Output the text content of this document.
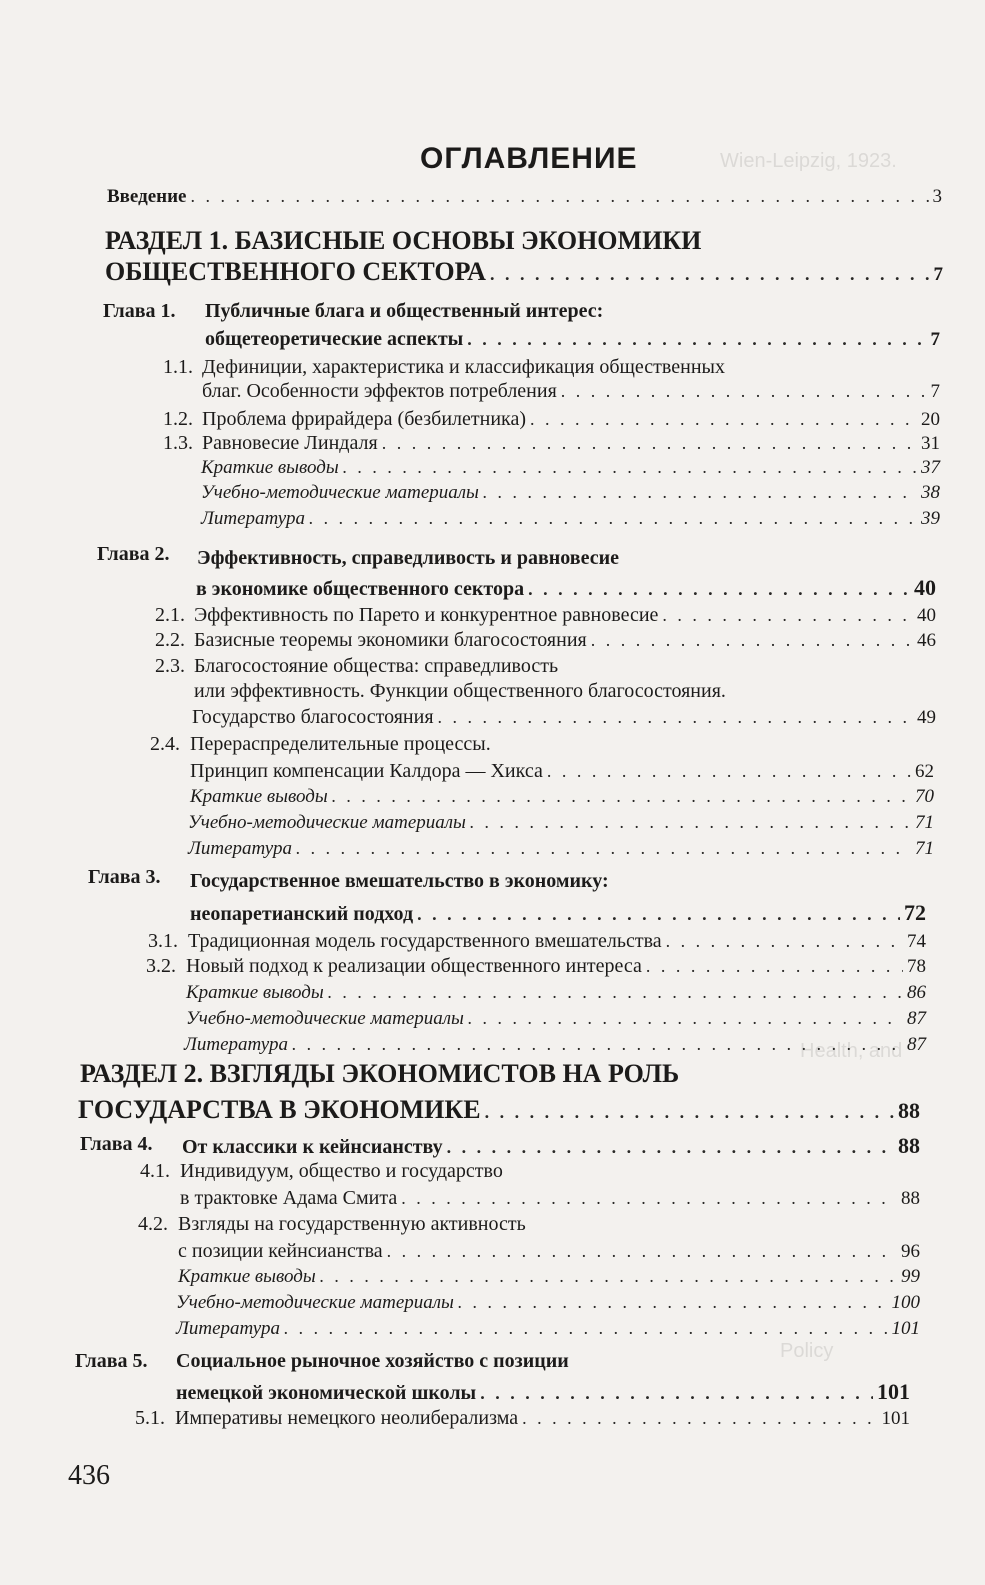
Wien-Leipzig, 1923.
Health, and
Policy
ОГЛАВЛЕНИЕ
Введение . . .	3
РАЗДЕЛ 1. БАЗИСНЫЕ ОСНОВЫ ЭКОНОМИКИ
ОБЩЕСТВЕННОГО СЕКТОРА . . .	7
Глава 1. Публичные блага и общественный интерес:
общетеоретические аспекты . . .	7
1.1. Дефиниции, характеристика и классификация общественных
благ. Особенности эффектов потребления . . .	7
1.2. Проблема фрирайдера (безбилетника) . . .	20
1.3. Равновесие Линдаля . . .	31
Краткие выводы . . .	37
Учебно-методические материалы . . .	38
Литература . . .	39
Глава 2. Эффективность, справедливость и равновесие
в экономике общественного сектора . . .	40
2.1. Эффективность по Парето и конкурентное равновесие . . .	40
2.2. Базисные теоремы экономики благосостояния . . .	46
2.3. Благосостояние общества: справедливость
или эффективность. Функции общественного благосостояния.
Государство благосостояния . . .	49
2.4. Перераспределительные процессы.
Принцип компенсации Калдора — Хикса . . .	62
Краткие выводы . . .	70
Учебно-методические материалы . . .	71
Литература . . .	71
Глава 3. Государственное вмешательство в экономику:
неопаретианский подход . . .	72
3.1. Традиционная модель государственного вмешательства . . .	74
3.2. Новый подход к реализации общественного интереса . . .	78
Краткие выводы . . .	86
Учебно-методические материалы . . .	87
Литература . . .	87
РАЗДЕЛ 2. ВЗГЛЯДЫ ЭКОНОМИСТОВ НА РОЛЬ
ГОСУДАРСТВА В ЭКОНОМИКЕ . . .	88
Глава 4. От классики к кейнсианству . . .	88
4.1. Индивидуум, общество и государство
в трактовке Адама Смита . . .	88
4.2. Взгляды на государственную активность
с позиции кейнсианства . . .	96
Краткие выводы . . .	99
Учебно-методические материалы . . .	100
Литература . . .	101
Глава 5. Социальное рыночное хозяйство с позиции
немецкой экономической школы . . .	101
5.1. Императивы немецкого неолиберализма . . .	101
436
